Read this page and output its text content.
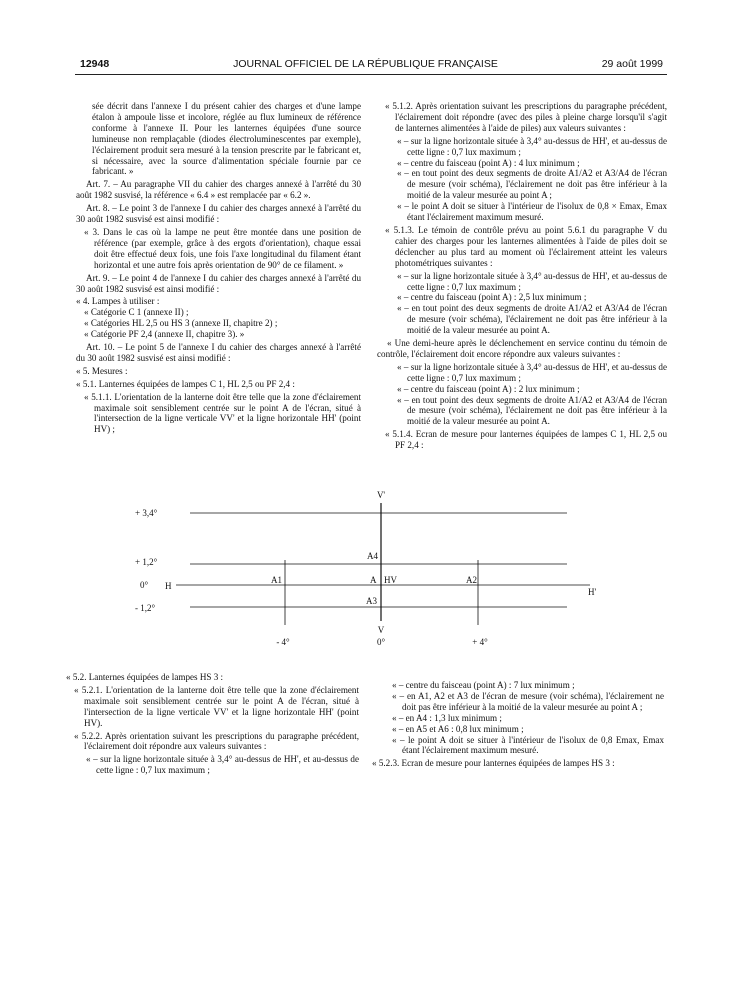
12948	JOURNAL OFFICIEL DE LA RÉPUBLIQUE FRANÇAISE	29 août 1999

sée décrit dans l'annexe I du présent cahier des charges et d'une lampe étalon à ampoule lisse et incolore, réglée au flux lumineux de référence conforme à l'annexe II. Pour les lanternes équipées d'une source lumineuse non remplaçable (diodes électroluminescentes par exemple), l'éclairement produit sera mesuré à la tension prescrite par le fabricant et, si nécessaire, avec la source d'alimentation spéciale fournie par ce fabricant. »

Art. 7. – Au paragraphe VII du cahier des charges annexé à l'arrêté du 30 août 1982 susvisé, la référence « 6.4 » est remplacée par « 6.2 ».

Art. 8. – Le point 3 de l'annexe I du cahier des charges annexé à l'arrêté du 30 août 1982 susvisé est ainsi modifié :

« 3. Dans le cas où la lampe ne peut être montée dans une position de référence (par exemple, grâce à des ergots d'orientation), chaque essai doit être effectué deux fois, une fois l'axe longitudinal du filament étant horizontal et une autre fois après orientation de 90° de ce filament. »

Art. 9. – Le point 4 de l'annexe I du cahier des charges annexé à l'arrêté du 30 août 1982 susvisé est ainsi modifié :

« 4. Lampes à utiliser :

« Catégorie C 1 (annexe II) ;

« Catégories HL 2,5 ou HS 3 (annexe II, chapitre 2) ;

« Catégorie PF 2,4 (annexe II, chapitre 3). »

Art. 10. – Le point 5 de l'annexe I du cahier des charges annexé à l'arrêté du 30 août 1982 susvisé est ainsi modifié :

« 5. Mesures :

« 5.1. Lanternes équipées de lampes C 1, HL 2,5 ou PF 2,4 :

« 5.1.1. L'orientation de la lanterne doit être telle que la zone d'éclairement maximale soit sensiblement centrée sur le point A de l'écran, situé à l'intersection de la ligne verticale VV' et la ligne horizontale HH' (point HV) ;

« 5.1.2. Après orientation suivant les prescriptions du paragraphe précédent, l'éclairement doit répondre (avec des piles à pleine charge lorsqu'il s'agit de lanternes alimentées à l'aide de piles) aux valeurs suivantes :

« – sur la ligne horizontale située à 3,4° au-dessus de HH', et au-dessus de cette ligne : 0,7 lux maximum ;

« – centre du faisceau (point A) : 4 lux minimum ;

« – en tout point des deux segments de droite A1/A2 et A3/A4 de l'écran de mesure (voir schéma), l'éclairement ne doit pas être inférieur à la moitié de la valeur mesurée au point A ;

« – le point A doit se situer à l'intérieur de l'isolux de 0,8 × Emax, Emax étant l'éclairement maximum mesuré.

« 5.1.3. Le témoin de contrôle prévu au point 5.6.1 du paragraphe V du cahier des charges pour les lanternes alimentées à l'aide de piles doit se déclencher au plus tard au moment où l'éclairement atteint les valeurs photométriques suivantes :

« – sur la ligne horizontale située à 3,4° au-dessus de HH', et au-dessus de cette ligne : 0,7 lux maximum ;

« – centre du faisceau (point A) : 2,5 lux minimum ;

« – en tout point des deux segments de droite A1/A2 et A3/A4 de l'écran de mesure (voir schéma), l'éclairement ne doit pas être inférieur à la moitié de la valeur mesurée au point A.

« Une demi-heure après le déclenchement en service continu du témoin de contrôle, l'éclairement doit encore répondre aux valeurs suivantes :

« – sur la ligne horizontale située à 3,4° au-dessus de HH', et au-dessus de cette ligne : 0,7 lux maximum ;

« – centre du faisceau (point A) : 2 lux minimum ;

« – en tout point des deux segments de droite A1/A2 et A3/A4 de l'écran de mesure (voir schéma), l'éclairement ne doit pas être inférieur à la moitié de la valeur mesurée au point A.

« 5.1.4. Ecran de mesure pour lanternes équipées de lampes C 1, HL 2,5 ou PF 2,4 :

V'
V
H
H'
+ 3,4°
+ 1,2°
0°
- 1,2°
- 4°	0°	+ 4°
A4
A1	A HV	A2
A3

« 5.2. Lanternes équipées de lampes HS 3 :

« 5.2.1. L'orientation de la lanterne doit être telle que la zone d'éclairement maximale soit sensiblement centrée sur le point A de l'écran, situé à l'intersection de la ligne verticale VV' et la ligne horizontale HH' (point HV).

« 5.2.2. Après orientation suivant les prescriptions du paragraphe précédent, l'éclairement doit répondre aux valeurs suivantes :

« – sur la ligne horizontale située à 3,4° au-dessus de HH', et au-dessus de cette ligne : 0,7 lux maximum ;

« – centre du faisceau (point A) : 7 lux minimum ;

« – en A1, A2 et A3 de l'écran de mesure (voir schéma), l'éclairement ne doit pas être inférieur à la moitié de la valeur mesurée au point A ;

« – en A4 : 1,3 lux minimum ;

« – en A5 et A6 : 0,8 lux minimum ;

« – le point A doit se situer à l'intérieur de l'isolux de 0,8 Emax, Emax étant l'éclairement maximum mesuré.

« 5.2.3. Ecran de mesure pour lanternes équipées de lampes HS 3 :
